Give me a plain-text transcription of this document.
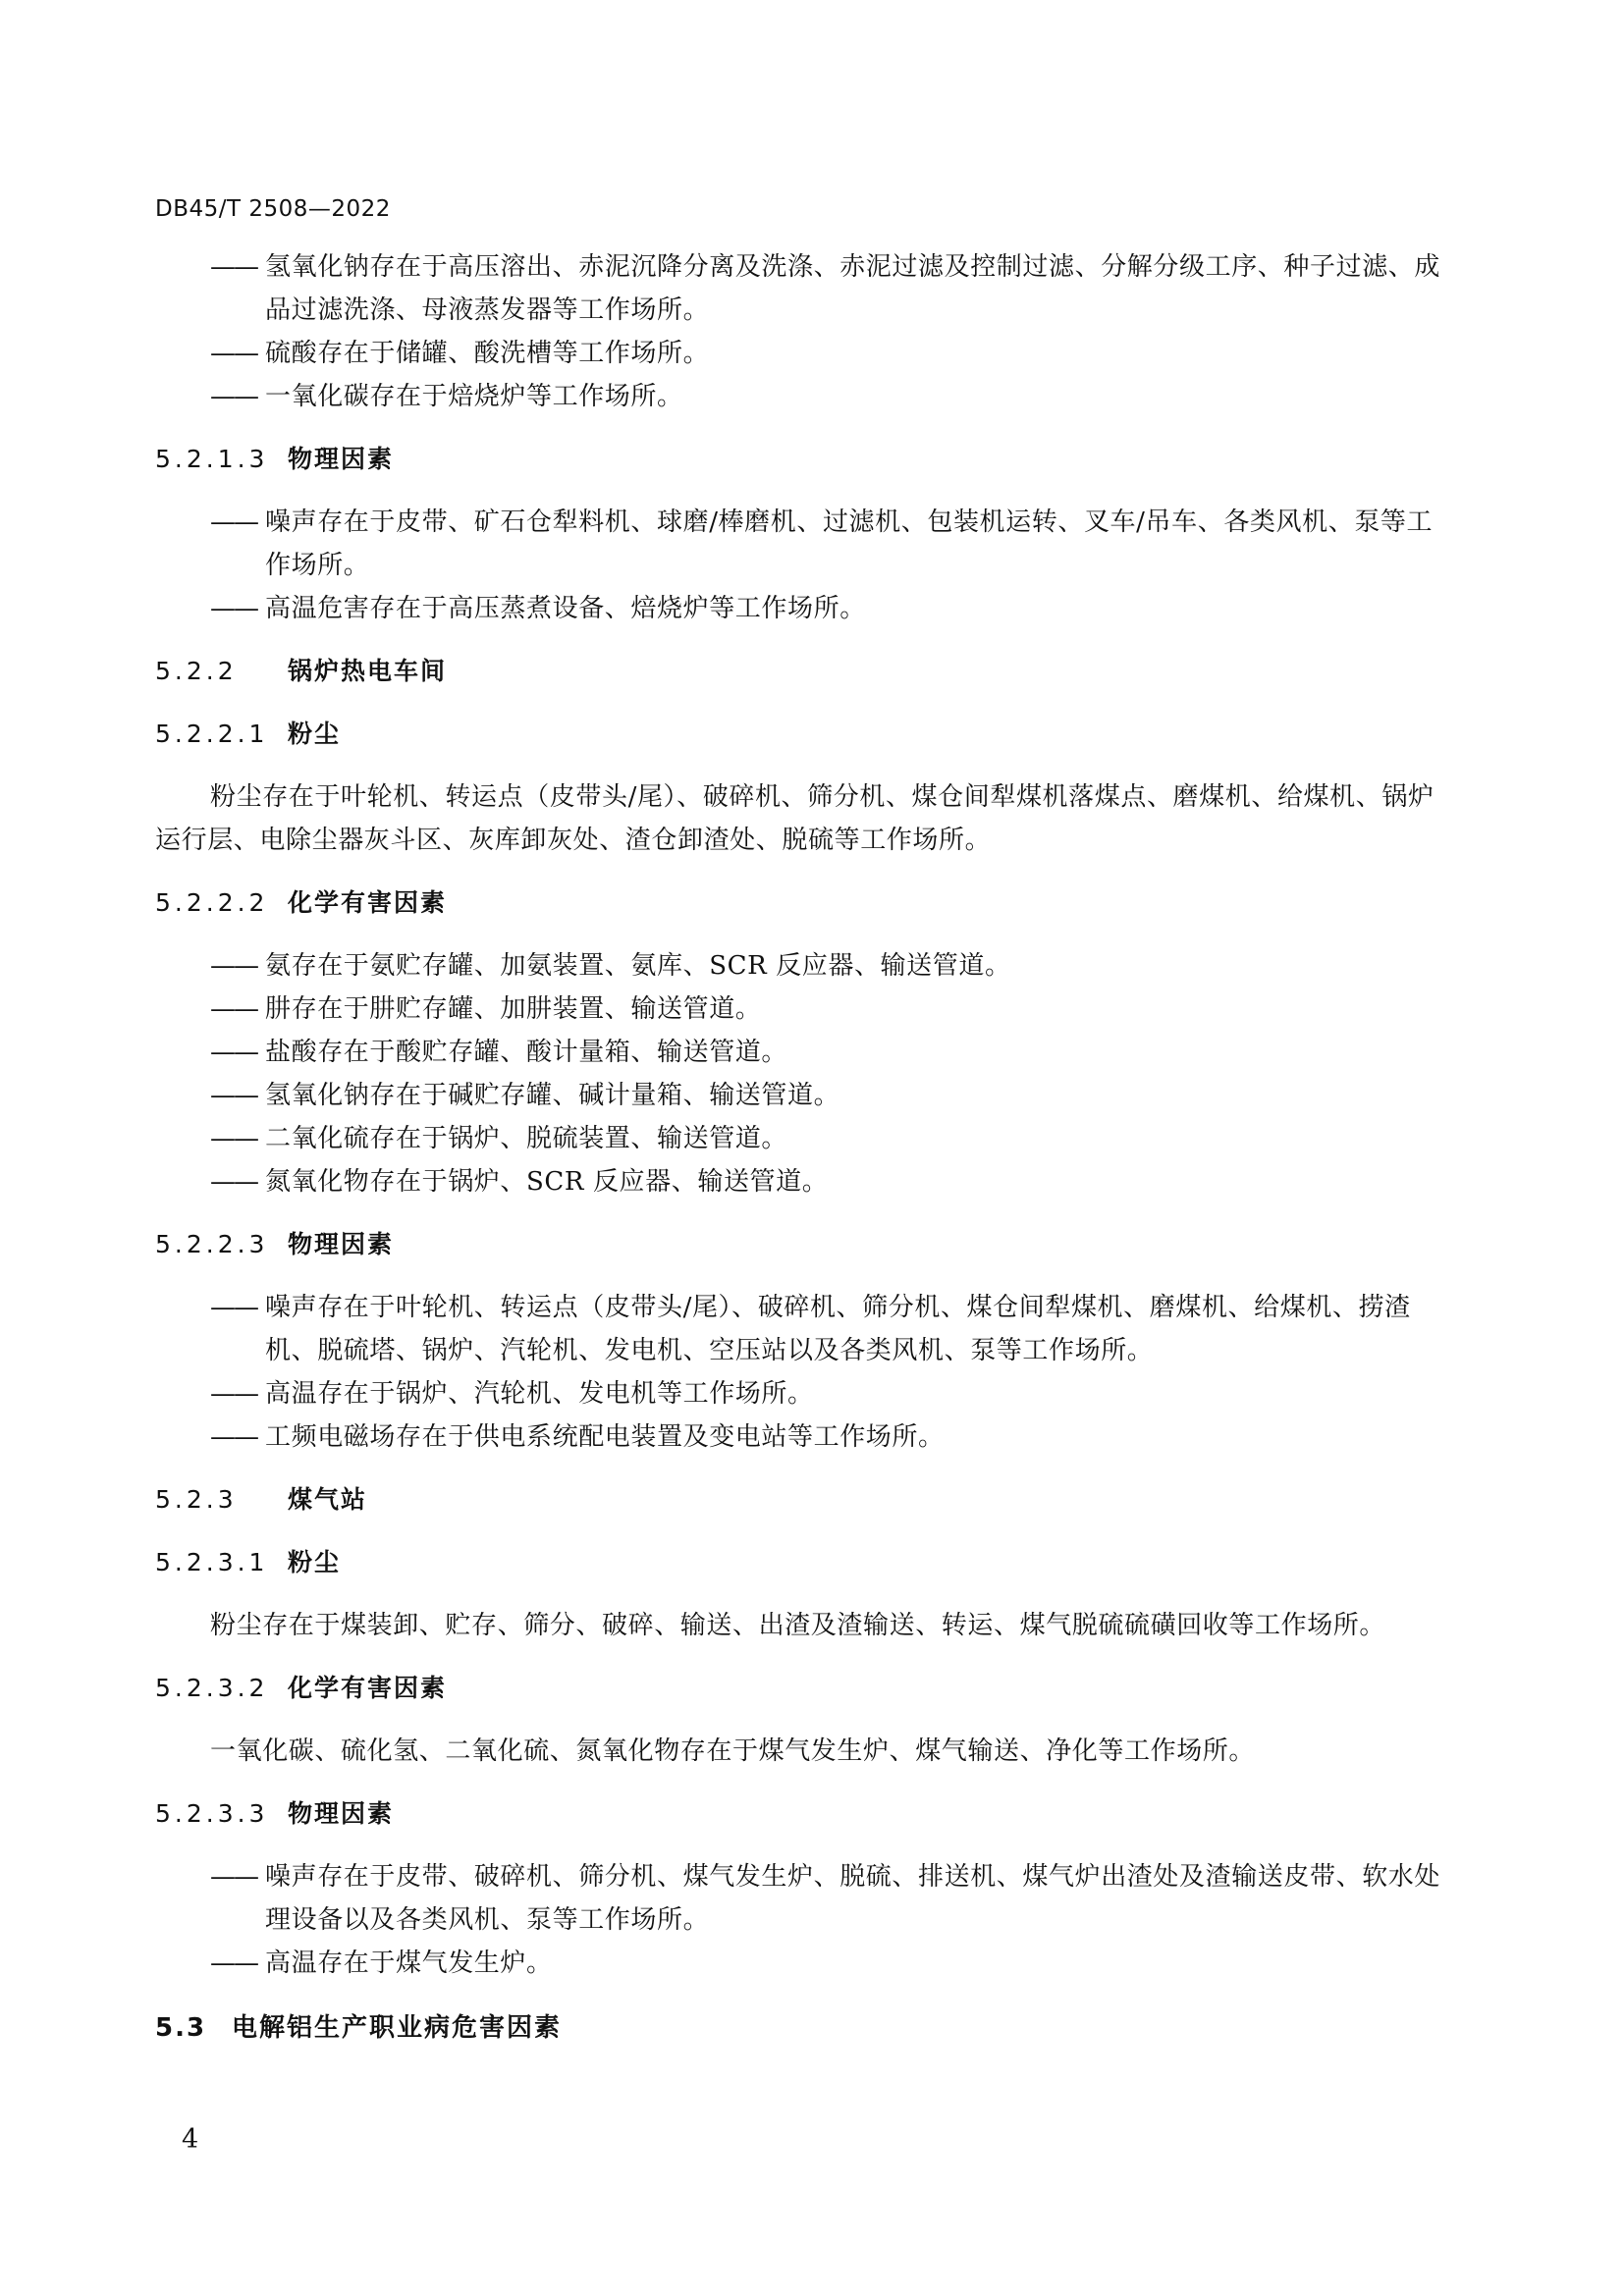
DB45/T 2508—2022
—— 氢氧化钠存在于高压溶出、赤泥沉降分离及洗涤、赤泥过滤及控制过滤、分解分级工序、种子过滤、成品过滤洗涤、母液蒸发器等工作场所。
—— 硫酸存在于储罐、酸洗槽等工作场所。
—— 一氧化碳存在于焙烧炉等工作场所。
5.2.1.3 物理因素
—— 噪声存在于皮带、矿石仓犁料机、球磨/棒磨机、过滤机、包装机运转、叉车/吊车、各类风机、泵等工作场所。
—— 高温危害存在于高压蒸煮设备、焙烧炉等工作场所。
5.2.2	锅炉热电车间
5.2.2.1 粉尘
粉尘存在于叶轮机、转运点（皮带头/尾）、破碎机、筛分机、煤仓间犁煤机落煤点、磨煤机、给煤机、锅炉运行层、电除尘器灰斗区、灰库卸灰处、渣仓卸渣处、脱硫等工作场所。
5.2.2.2 化学有害因素
—— 氨存在于氨贮存罐、加氨装置、氨库、SCR 反应器、输送管道。
—— 肼存在于肼贮存罐、加肼装置、输送管道。
—— 盐酸存在于酸贮存罐、酸计量箱、输送管道。
—— 氢氧化钠存在于碱贮存罐、碱计量箱、输送管道。
—— 二氧化硫存在于锅炉、脱硫装置、输送管道。
—— 氮氧化物存在于锅炉、SCR 反应器、输送管道。
5.2.2.3 物理因素
—— 噪声存在于叶轮机、转运点（皮带头/尾）、破碎机、筛分机、煤仓间犁煤机、磨煤机、给煤机、捞渣机、脱硫塔、锅炉、汽轮机、发电机、空压站以及各类风机、泵等工作场所。
—— 高温存在于锅炉、汽轮机、发电机等工作场所。
—— 工频电磁场存在于供电系统配电装置及变电站等工作场所。
5.2.3	煤气站
5.2.3.1 粉尘
粉尘存在于煤装卸、贮存、筛分、破碎、输送、出渣及渣输送、转运、煤气脱硫硫磺回收等工作场所。
5.2.3.2 化学有害因素
一氧化碳、硫化氢、二氧化硫、氮氧化物存在于煤气发生炉、煤气输送、净化等工作场所。
5.2.3.3 物理因素
—— 噪声存在于皮带、破碎机、筛分机、煤气发生炉、脱硫、排送机、煤气炉出渣处及渣输送皮带、软水处理设备以及各类风机、泵等工作场所。
—— 高温存在于煤气发生炉。
5.3 电解铝生产职业病危害因素
4
